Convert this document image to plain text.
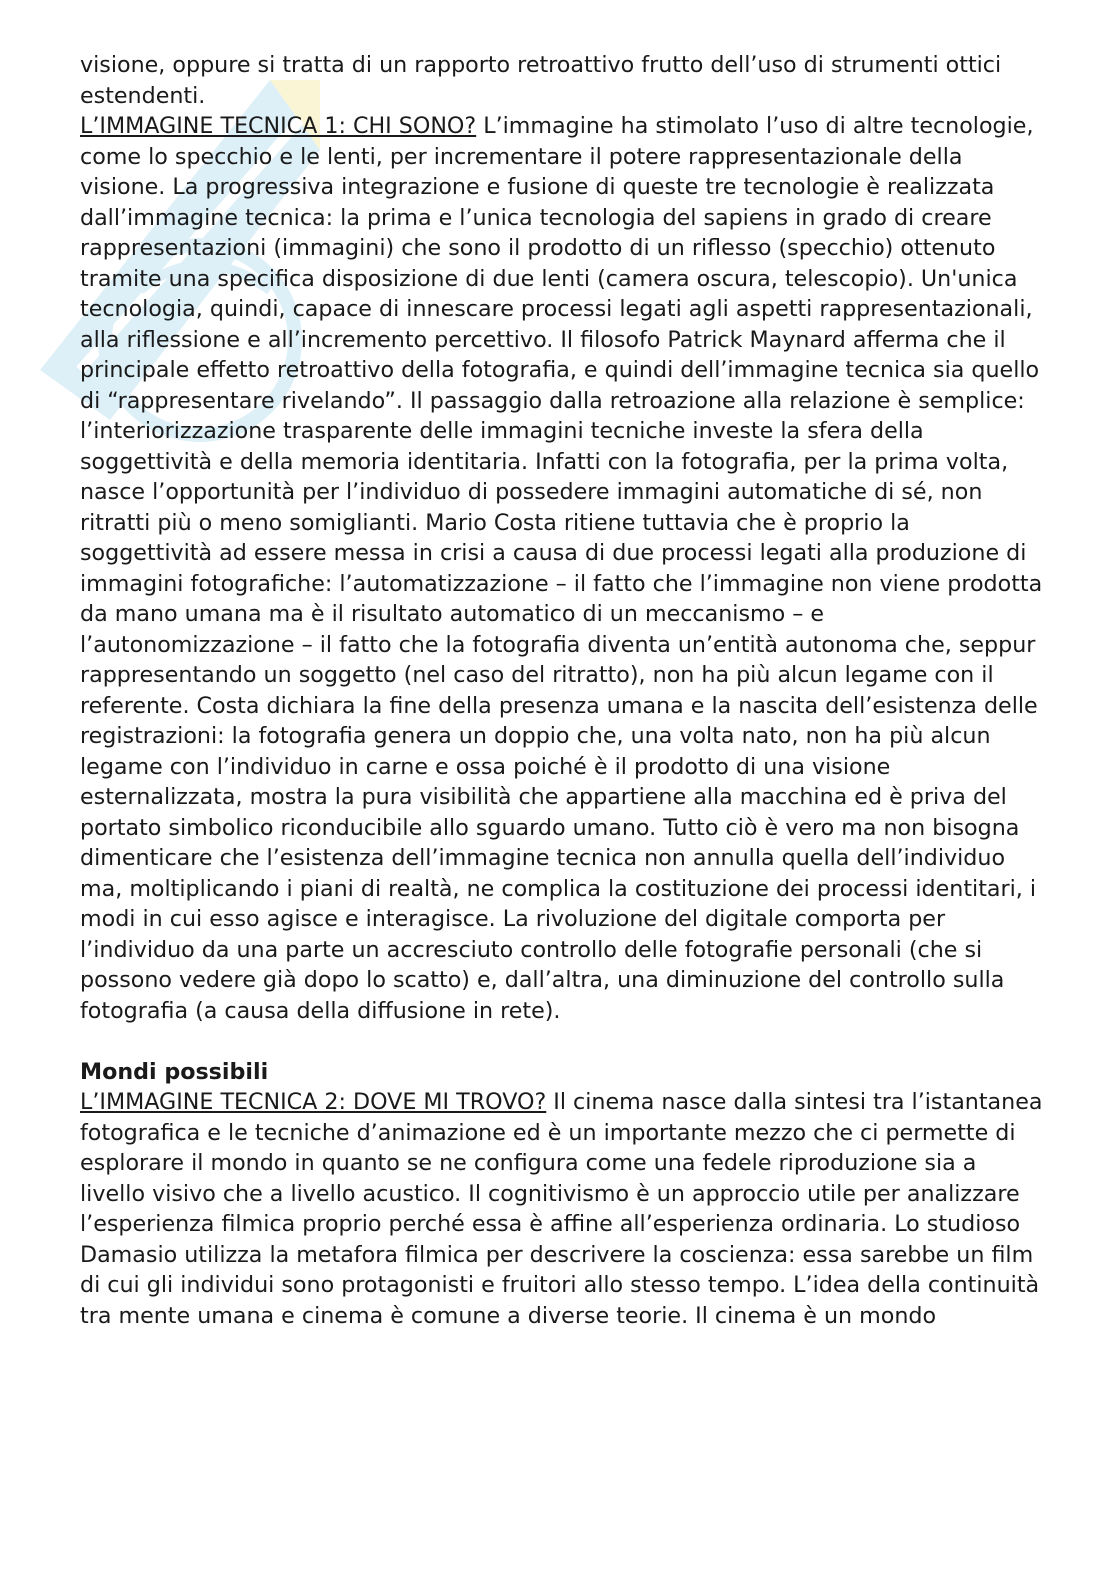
visione, oppure si tratta di un rapporto retroattivo frutto dell’uso di strumenti ottici estendenti.

L’IMMAGINE TECNICA 1: CHI SONO? L’immagine ha stimolato l’uso di altre tecnologie, come lo specchio e le lenti, per incrementare il potere rappresentazionale della visione. La progressiva integrazione e fusione di queste tre tecnologie è realizzata dall’immagine tecnica: la prima e l’unica tecnologia del sapiens in grado di creare rappresentazioni (immagini) che sono il prodotto di un riflesso (specchio) ottenuto tramite una specifica disposizione di due lenti (camera oscura, telescopio). Un'unica tecnologia, quindi, capace di innescare processi legati agli aspetti rappresentazionali, alla riflessione e all’incremento percettivo. Il filosofo Patrick Maynard afferma che il principale effetto retroattivo della fotografia, e quindi dell’immagine tecnica sia quello di “rappresentare rivelando”. Il passaggio dalla retroazione alla relazione è semplice: l’interiorizzazione trasparente delle immagini tecniche investe la sfera della soggettività e della memoria identitaria. Infatti con la fotografia, per la prima volta, nasce l’opportunità per l’individuo di possedere immagini automatiche di sé, non ritratti più o meno somiglianti. Mario Costa ritiene tuttavia che è proprio la soggettività ad essere messa in crisi a causa di due processi legati alla produzione di immagini fotografiche: l’automatizzazione – il fatto che l’immagine non viene prodotta da mano umana ma è il risultato automatico di un meccanismo – e l’autonomizzazione – il fatto che la fotografia diventa un’entità autonoma che, seppur rappresentando un soggetto (nel caso del ritratto), non ha più alcun legame con il referente. Costa dichiara la fine della presenza umana e la nascita dell’esistenza delle registrazioni: la fotografia genera un doppio che, una volta nato, non ha più alcun legame con l’individuo in carne e ossa poiché è il prodotto di una visione esternalizzata, mostra la pura visibilità che appartiene alla macchina ed è priva del portato simbolico riconducibile allo sguardo umano. Tutto ciò è vero ma non bisogna dimenticare che l’esistenza dell’immagine tecnica non annulla quella dell’individuo ma, moltiplicando i piani di realtà, ne complica la costituzione dei processi identitari, i modi in cui esso agisce e interagisce. La rivoluzione del digitale comporta per l’individuo da una parte un accresciuto controllo delle fotografie personali (che si possono vedere già dopo lo scatto) e, dall’altra, una diminuzione del controllo sulla fotografia (a causa della diffusione in rete).

Mondi possibili

L’IMMAGINE TECNICA 2: DOVE MI TROVO? Il cinema nasce dalla sintesi tra l’istantanea fotografica e le tecniche d’animazione ed è un importante mezzo che ci permette di esplorare il mondo in quanto se ne configura come una fedele riproduzione sia a livello visivo che a livello acustico. Il cognitivismo è un approccio utile per analizzare l’esperienza filmica proprio perché essa è affine all’esperienza ordinaria. Lo studioso Damasio utilizza la metafora filmica per descrivere la coscienza: essa sarebbe un film di cui gli individui sono protagonisti e fruitori allo stesso tempo. L’idea della continuità tra mente umana e cinema è comune a diverse teorie. Il cinema è un mondo
